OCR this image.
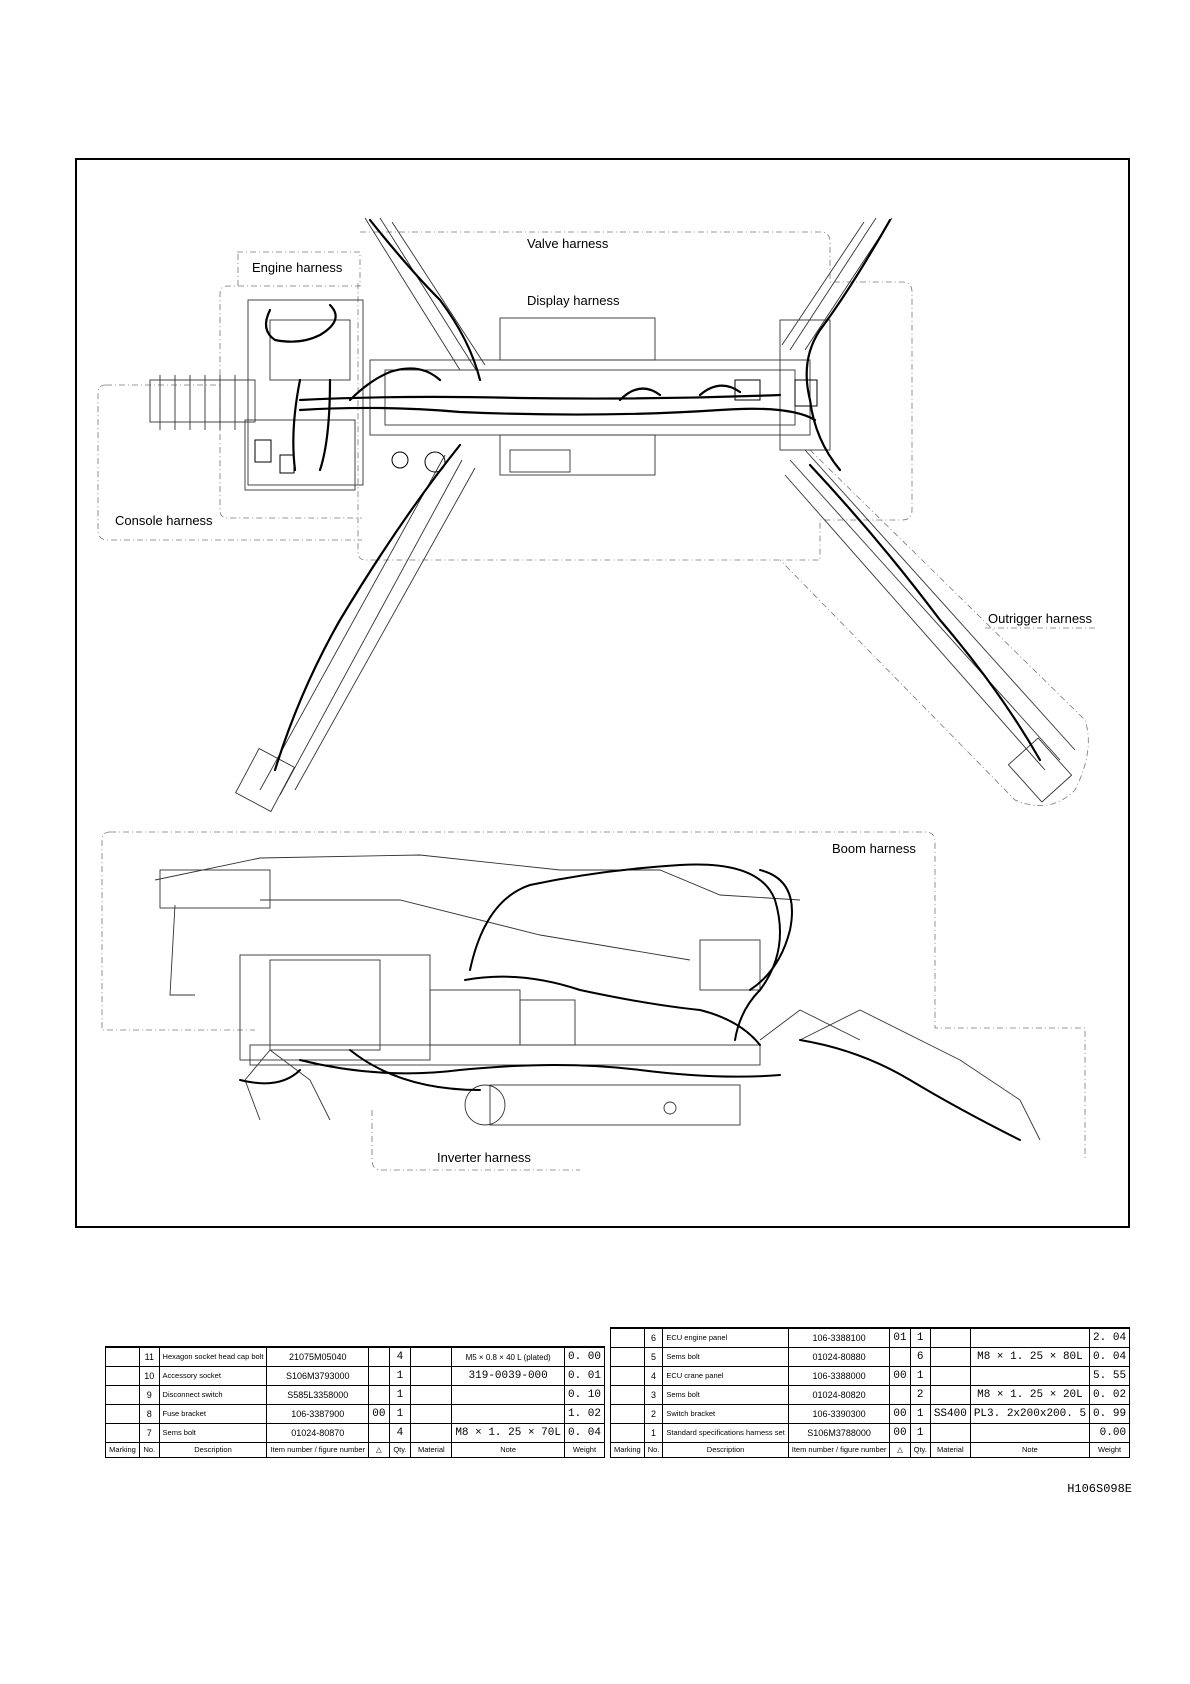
Valve harness
Engine harness
Display harness
Console harness
Outrigger harness
Boom harness
Inverter harness
	11	Hexagon socket head cap bolt	21075M05040		4		M5 × 0.8 × 40 L (plated)	0. 00
	10	Accessory socket	S106M3793000		1		319-0039-000	0. 01
	9	Disconnect switch	S585L3358000		1			0. 10
	8	Fuse bracket	106-3387900	00	1			1. 02
	7	Sems bolt	01024-80870		4		M8 × 1. 25 × 70L	0. 04
Marking	No.	Description	Item number / figure number	△	Qty.	Material	Note	Weight
	6	ECU engine panel	106-3388100	01	1			2. 04
	5	Sems bolt	01024-80880		6		M8 × 1. 25 × 80L	0. 04
	4	ECU crane panel	106-3388000	00	1			5. 55
	3	Sems bolt	01024-80820		2		M8 × 1. 25 × 20L	0. 02
	2	Switch bracket	106-3390300	00	1	SS400	PL3. 2x200x200. 5	0. 99
	1	Standard specifications harness set	S106M3788000	00	1			0.00
Marking	No.	Description	Item number / figure number	△	Qty.	Material	Note	Weight
H106S098E
